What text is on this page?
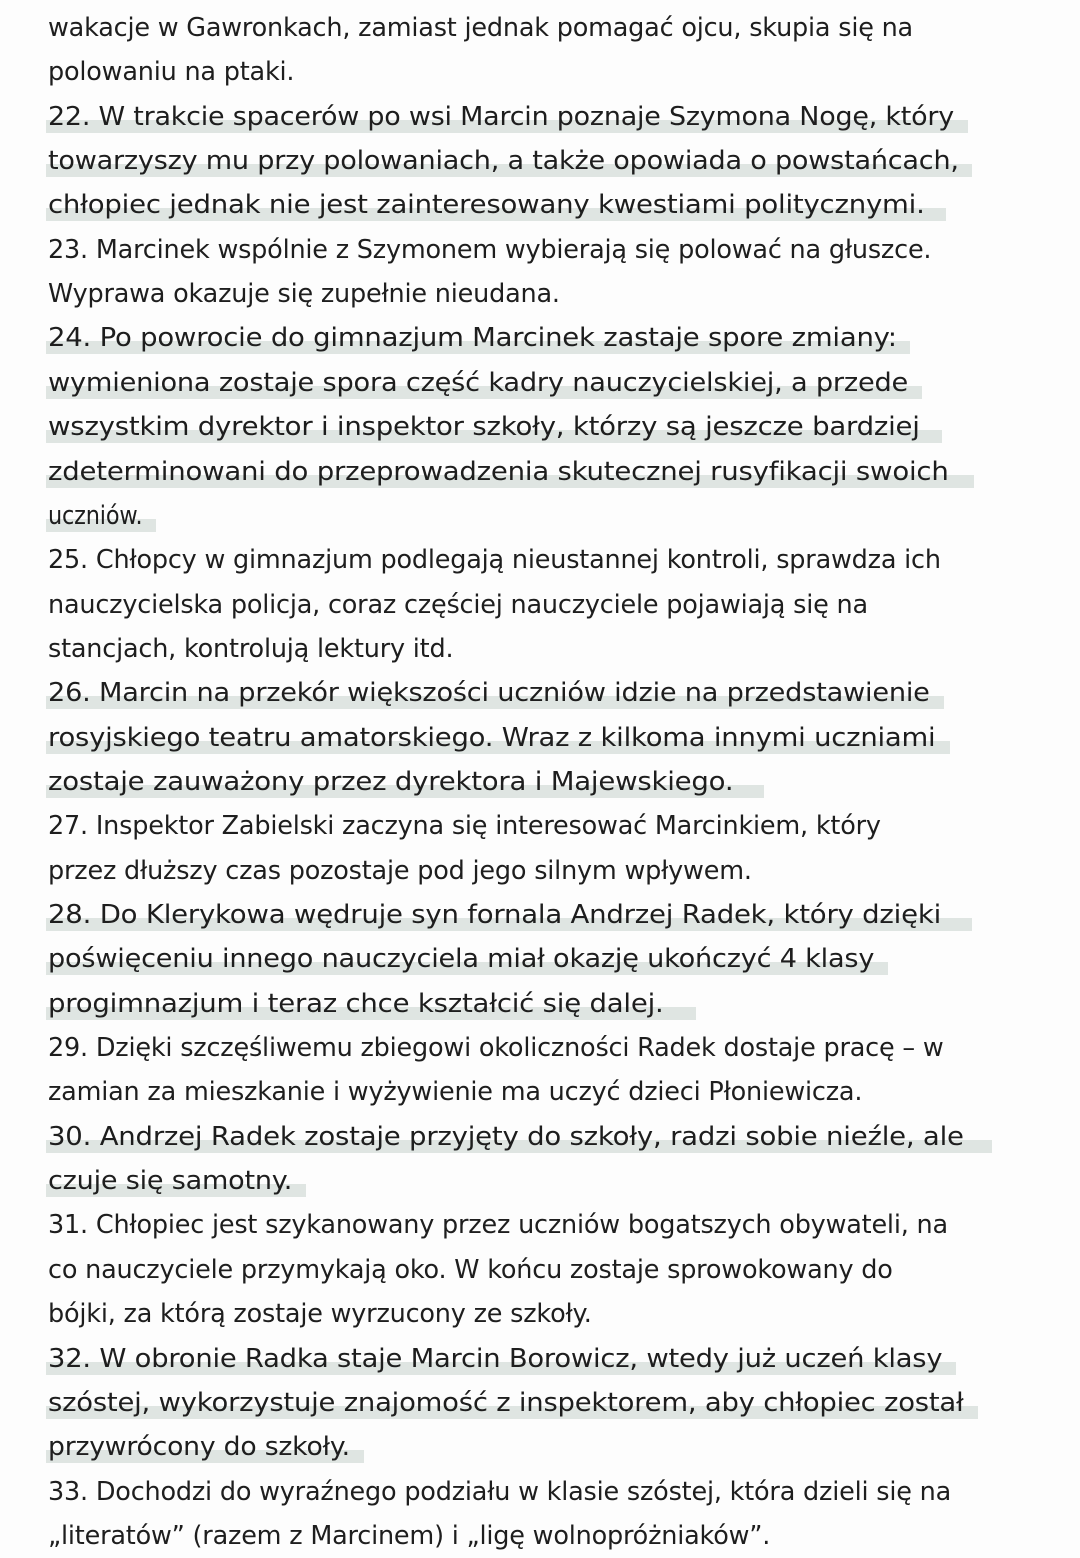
wakacje w Gawronkach, zamiast jednak pomagać ojcu, skupia się na
polowaniu na ptaki.
22. W trakcie spacerów po wsi Marcin poznaje Szymona Nogę, który
towarzyszy mu przy polowaniach, a także opowiada o powstańcach,
chłopiec jednak nie jest zainteresowany kwestiami politycznymi.
23. Marcinek wspólnie z Szymonem wybierają się polować na głuszce.
Wyprawa okazuje się zupełnie nieudana.
24. Po powrocie do gimnazjum Marcinek zastaje spore zmiany:
wymieniona zostaje spora część kadry nauczycielskiej, a przede
wszystkim dyrektor i inspektor szkoły, którzy są jeszcze bardziej
zdeterminowani do przeprowadzenia skutecznej rusyfikacji swoich
uczniów.
25. Chłopcy w gimnazjum podlegają nieustannej kontroli, sprawdza ich
nauczycielska policja, coraz częściej nauczyciele pojawiają się na
stancjach, kontrolują lektury itd.
26. Marcin na przekór większości uczniów idzie na przedstawienie
rosyjskiego teatru amatorskiego. Wraz z kilkoma innymi uczniami
zostaje zauważony przez dyrektora i Majewskiego.
27. Inspektor Zabielski zaczyna się interesować Marcinkiem, który
przez dłuższy czas pozostaje pod jego silnym wpływem.
28. Do Klerykowa wędruje syn fornala Andrzej Radek, który dzięki
poświęceniu innego nauczyciela miał okazję ukończyć 4 klasy
progimnazjum i teraz chce kształcić się dalej.
29. Dzięki szczęśliwemu zbiegowi okoliczności Radek dostaje pracę – w
zamian za mieszkanie i wyżywienie ma uczyć dzieci Płoniewicza.
30. Andrzej Radek zostaje przyjęty do szkoły, radzi sobie nieźle, ale
czuje się samotny.
31. Chłopiec jest szykanowany przez uczniów bogatszych obywateli, na
co nauczyciele przymykają oko. W końcu zostaje sprowokowany do
bójki, za którą zostaje wyrzucony ze szkoły.
32. W obronie Radka staje Marcin Borowicz, wtedy już uczeń klasy
szóstej, wykorzystuje znajomość z inspektorem, aby chłopiec został
przywrócony do szkoły.
33. Dochodzi do wyraźnego podziału w klasie szóstej, która dzieli się na
„literatów” (razem z Marcinem) i „ligę wolnopróżniaków”.
